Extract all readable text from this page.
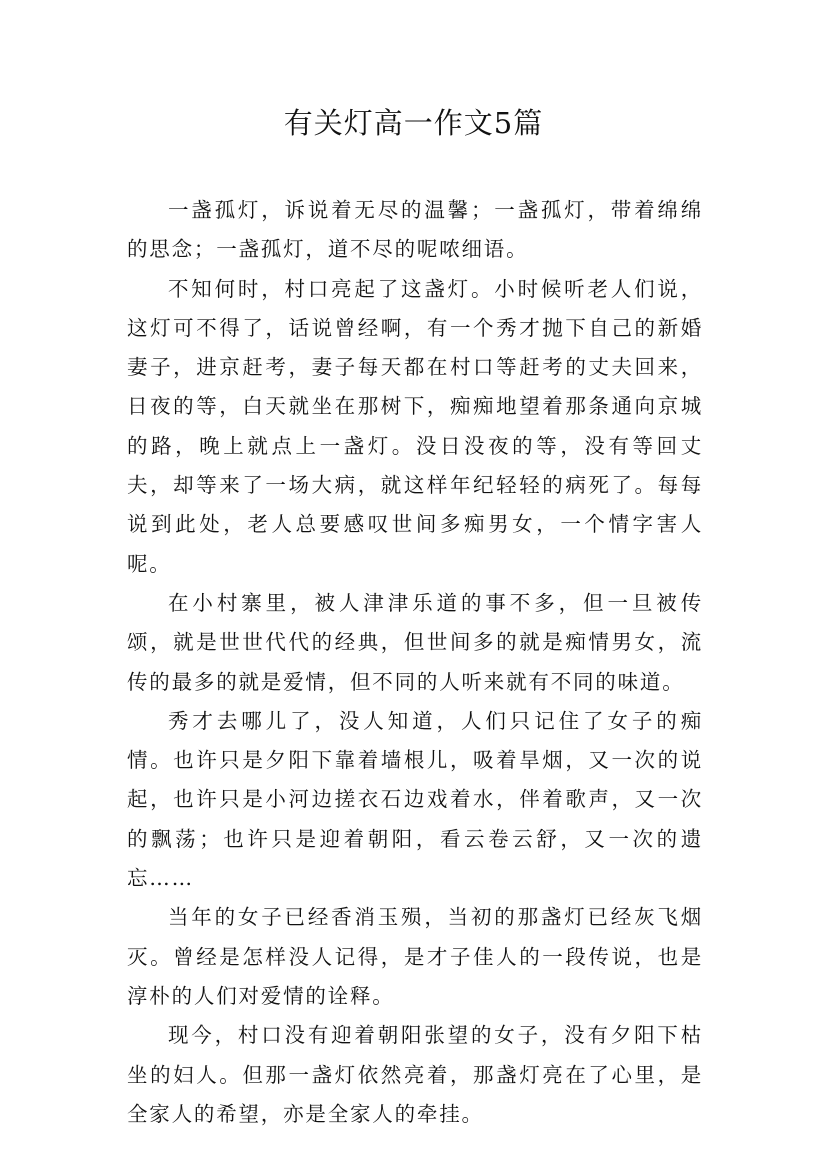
有关灯高一作文5篇

一盏孤灯，诉说着无尽的温馨；一盏孤灯，带着绵绵的思念；一盏孤灯，道不尽的呢哝细语。

不知何时，村口亮起了这盏灯。小时候听老人们说，这灯可不得了，话说曾经啊，有一个秀才抛下自己的新婚妻子，进京赶考，妻子每天都在村口等赶考的丈夫回来，日夜的等，白天就坐在那树下，痴痴地望着那条通向京城的路，晚上就点上一盏灯。没日没夜的等，没有等回丈夫，却等来了一场大病，就这样年纪轻轻的病死了。每每说到此处，老人总要感叹世间多痴男女，一个情字害人呢。

在小村寨里，被人津津乐道的事不多，但一旦被传颂，就是世世代代的经典，但世间多的就是痴情男女，流传的最多的就是爱情，但不同的人听来就有不同的味道。

秀才去哪儿了，没人知道，人们只记住了女子的痴情。也许只是夕阳下靠着墙根儿，吸着旱烟，又一次的说起，也许只是小河边搓衣石边戏着水，伴着歌声，又一次的飘荡；也许只是迎着朝阳，看云卷云舒，又一次的遗忘……

当年的女子已经香消玉殒，当初的那盏灯已经灰飞烟灭。曾经是怎样没人记得，是才子佳人的一段传说，也是淳朴的人们对爱情的诠释。

现今，村口没有迎着朝阳张望的女子，没有夕阳下枯坐的妇人。但那一盏灯依然亮着，那盏灯亮在了心里，是全家人的希望，亦是全家人的牵挂。
